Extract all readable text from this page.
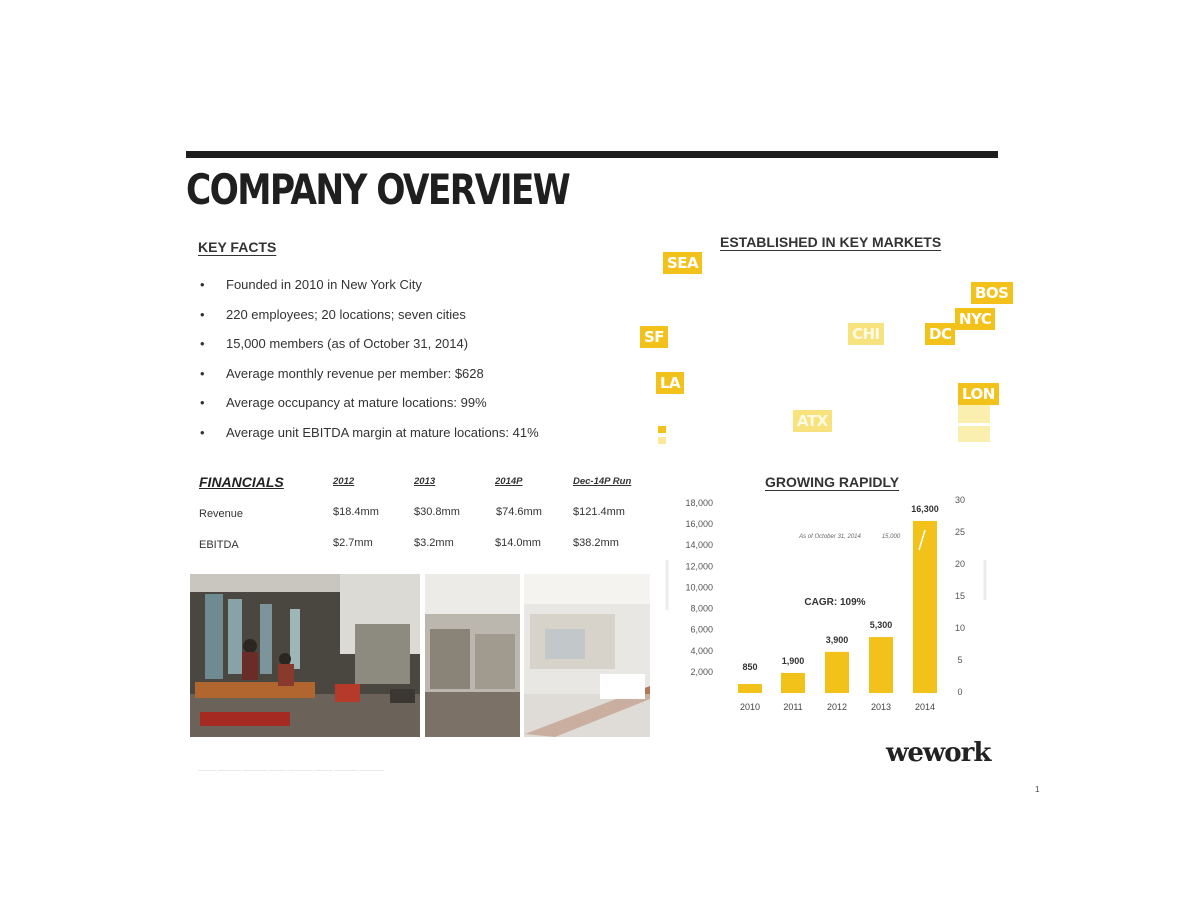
COMPANY OVERVIEW
KEY FACTS
• Founded in 2010 in New York City
• 220 employees; 20 locations; seven cities
• 15,000 members (as of October 31, 2014)
• Average monthly revenue per member: $628
• Average occupancy at mature locations: 99%
• Average unit EBITDA margin at mature locations: 41%
FINANCIALS	2012	2013	2014P	Dec-14P Run
Revenue	$18.4mm	$30.8mm	$74.6mm	$121.4mm
EBITDA	$2.7mm	$3.2mm	$14.0mm	$38.2mm
ESTABLISHED IN KEY MARKETS
SEA
SF
LA
BOS
NYC
DC
CHI
ATX
LON
GROWING RAPIDLY
18,000
16,000
14,000
12,000
10,000
8,000
6,000
4,000
2,000
30
25
20
15
10
5
0
850
2010
1,900
2011
3,900
2012
5,300
2013
16,300
2014
CAGR: 109%
As of October 31, 2014	15,000
——— ———— ———— ——— ———— ——— ———— ————
wework
1
